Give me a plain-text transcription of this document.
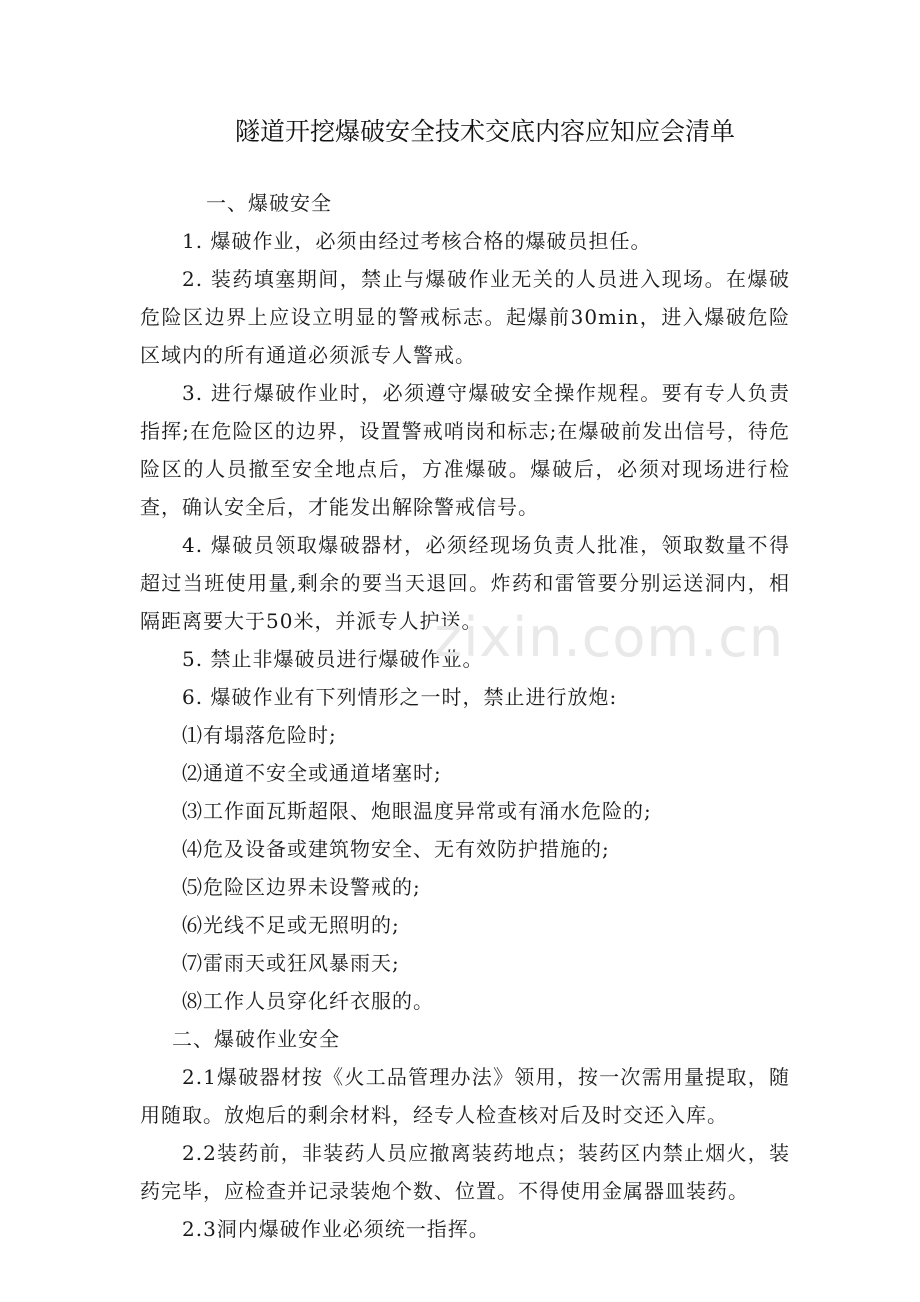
隧道开挖爆破安全技术交底内容应知应会清单

一、爆破安全

1. 爆破作业，必须由经过考核合格的爆破员担任。

2. 装药填塞期间，禁止与爆破作业无关的人员进入现场。在爆破危险区边界上应设立明显的警戒标志。起爆前30min，进入爆破危险区域内的所有通道必须派专人警戒。

3. 进行爆破作业时，必须遵守爆破安全操作规程。要有专人负责指挥;在危险区的边界，设置警戒哨岗和标志;在爆破前发出信号，待危险区的人员撤至安全地点后，方准爆破。爆破后，必须对现场进行检查，确认安全后，才能发出解除警戒信号。

4. 爆破员领取爆破器材，必须经现场负责人批准，领取数量不得超过当班使用量,剩余的要当天退回。炸药和雷管要分别运送洞内，相隔距离要大于50米，并派专人护送。

5. 禁止非爆破员进行爆破作业。

6. 爆破作业有下列情形之一时，禁止进行放炮:

⑴有塌落危险时;

⑵通道不安全或通道堵塞时;

⑶工作面瓦斯超限、炮眼温度异常或有涌水危险的;

⑷危及设备或建筑物安全、无有效防护措施的;

⑸危险区边界未设警戒的;

⑹光线不足或无照明的;

⑺雷雨天或狂风暴雨天;

⑻工作人员穿化纤衣服的。

二、爆破作业安全

2.1爆破器材按《火工品管理办法》领用，按一次需用量提取，随用随取。放炮后的剩余材料，经专人检查核对后及时交还入库。

2.2装药前，非装药人员应撤离装药地点；装药区内禁止烟火，装药完毕，应检查并记录装炮个数、位置。不得使用金属器皿装药。

2.3洞内爆破作业必须统一指挥。

zixin.com.cn
